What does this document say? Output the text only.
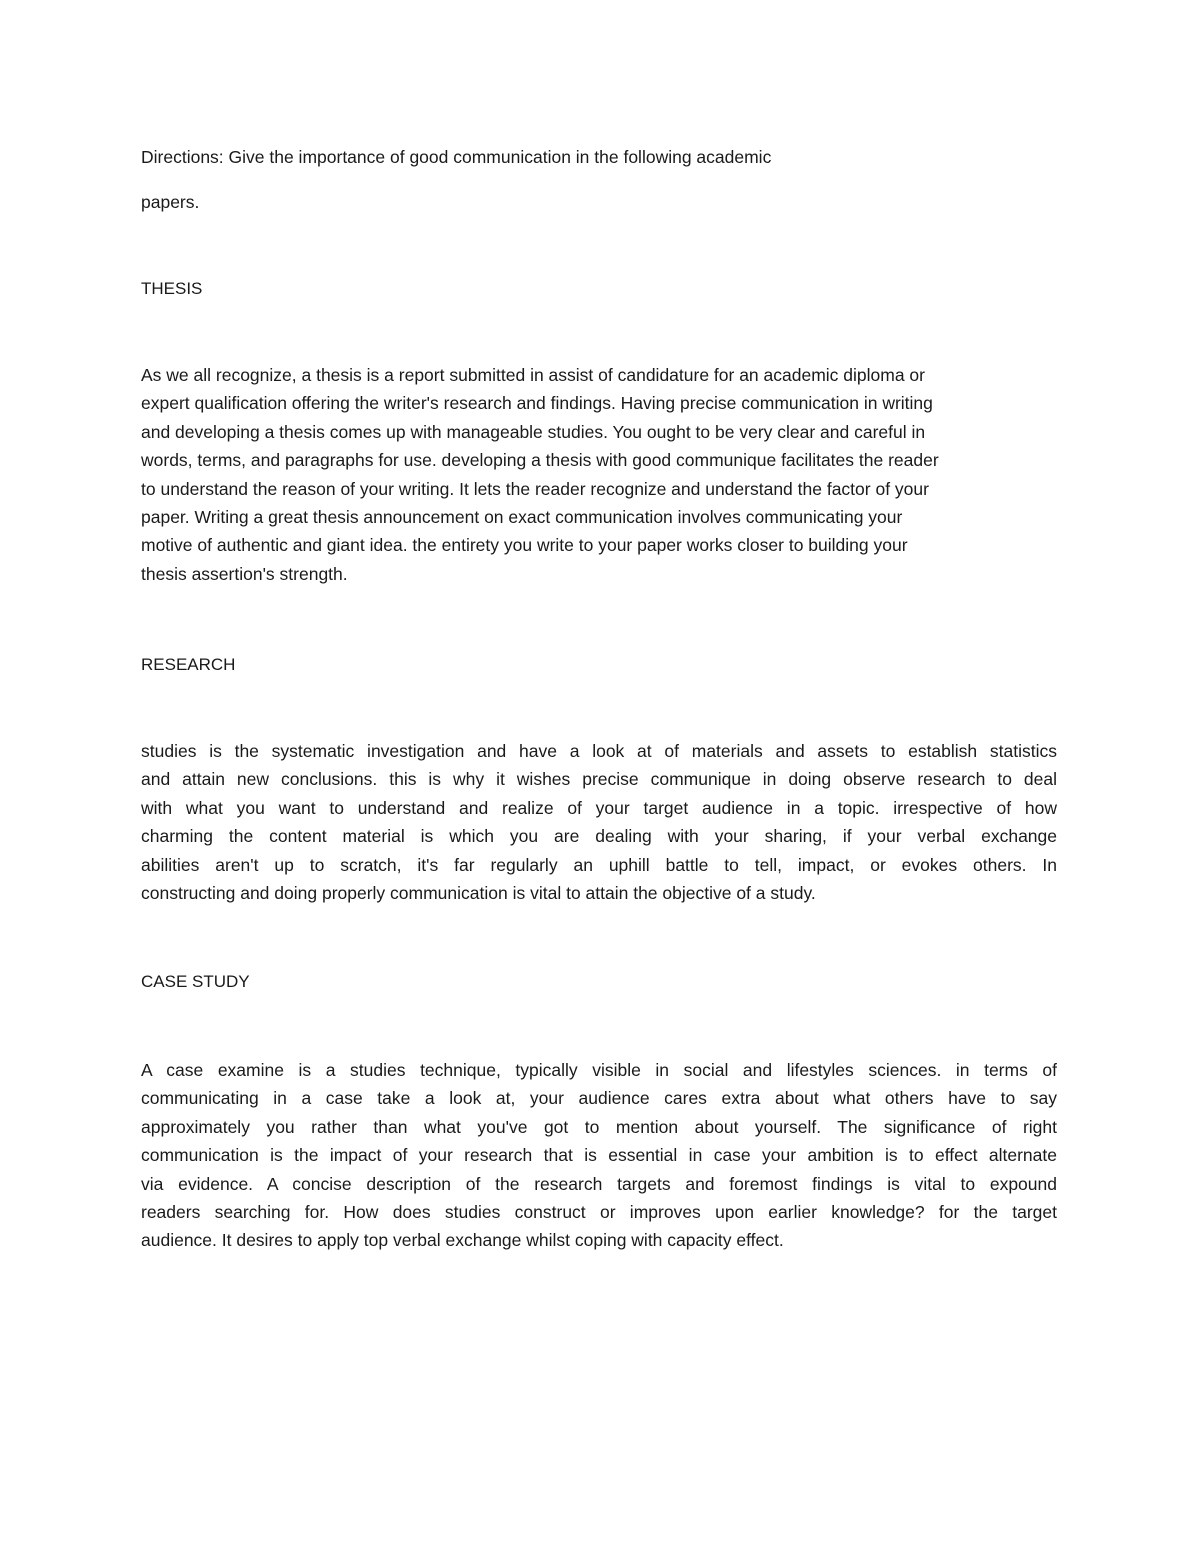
Directions: Give the importance of good communication in the following academic

papers.

THESIS
As we all recognize, a thesis is a report submitted in assist of candidature for an academic diploma or
expert qualification offering the writer's research and findings. Having precise communication in writing
and developing a thesis comes up with manageable studies. You ought to be very clear and careful in
words, terms, and paragraphs for use. developing a thesis with good communique facilitates the reader
to understand the reason of your writing. It lets the reader recognize and understand the factor of your
paper. Writing a great thesis announcement on exact communication involves communicating your
motive of authentic and giant idea. the entirety you write to your paper works closer to building your
thesis assertion's strength.
RESEARCH
studies is the systematic investigation and have a look at of materials and assets to establish statistics
and attain new conclusions. this is why it wishes precise communique in doing observe research to deal
with what you want to understand and realize of your target audience in a topic. irrespective of how
charming the content material is which you are dealing with your sharing, if your verbal exchange
abilities aren't up to scratch, it's far regularly an uphill battle to tell, impact, or evokes others. In
constructing and doing properly communication is vital to attain the objective of a study.
CASE STUDY
A case examine is a studies technique, typically visible in social and lifestyles sciences. in terms of
communicating in a case take a look at, your audience cares extra about what others have to say
approximately you rather than what you've got to mention about yourself. The significance of right
communication is the impact of your research that is essential in case your ambition is to effect alternate
via evidence. A concise description of the research targets and foremost findings is vital to expound
readers searching for. How does studies construct or improves upon earlier knowledge? for the target
audience. It desires to apply top verbal exchange whilst coping with capacity effect.
